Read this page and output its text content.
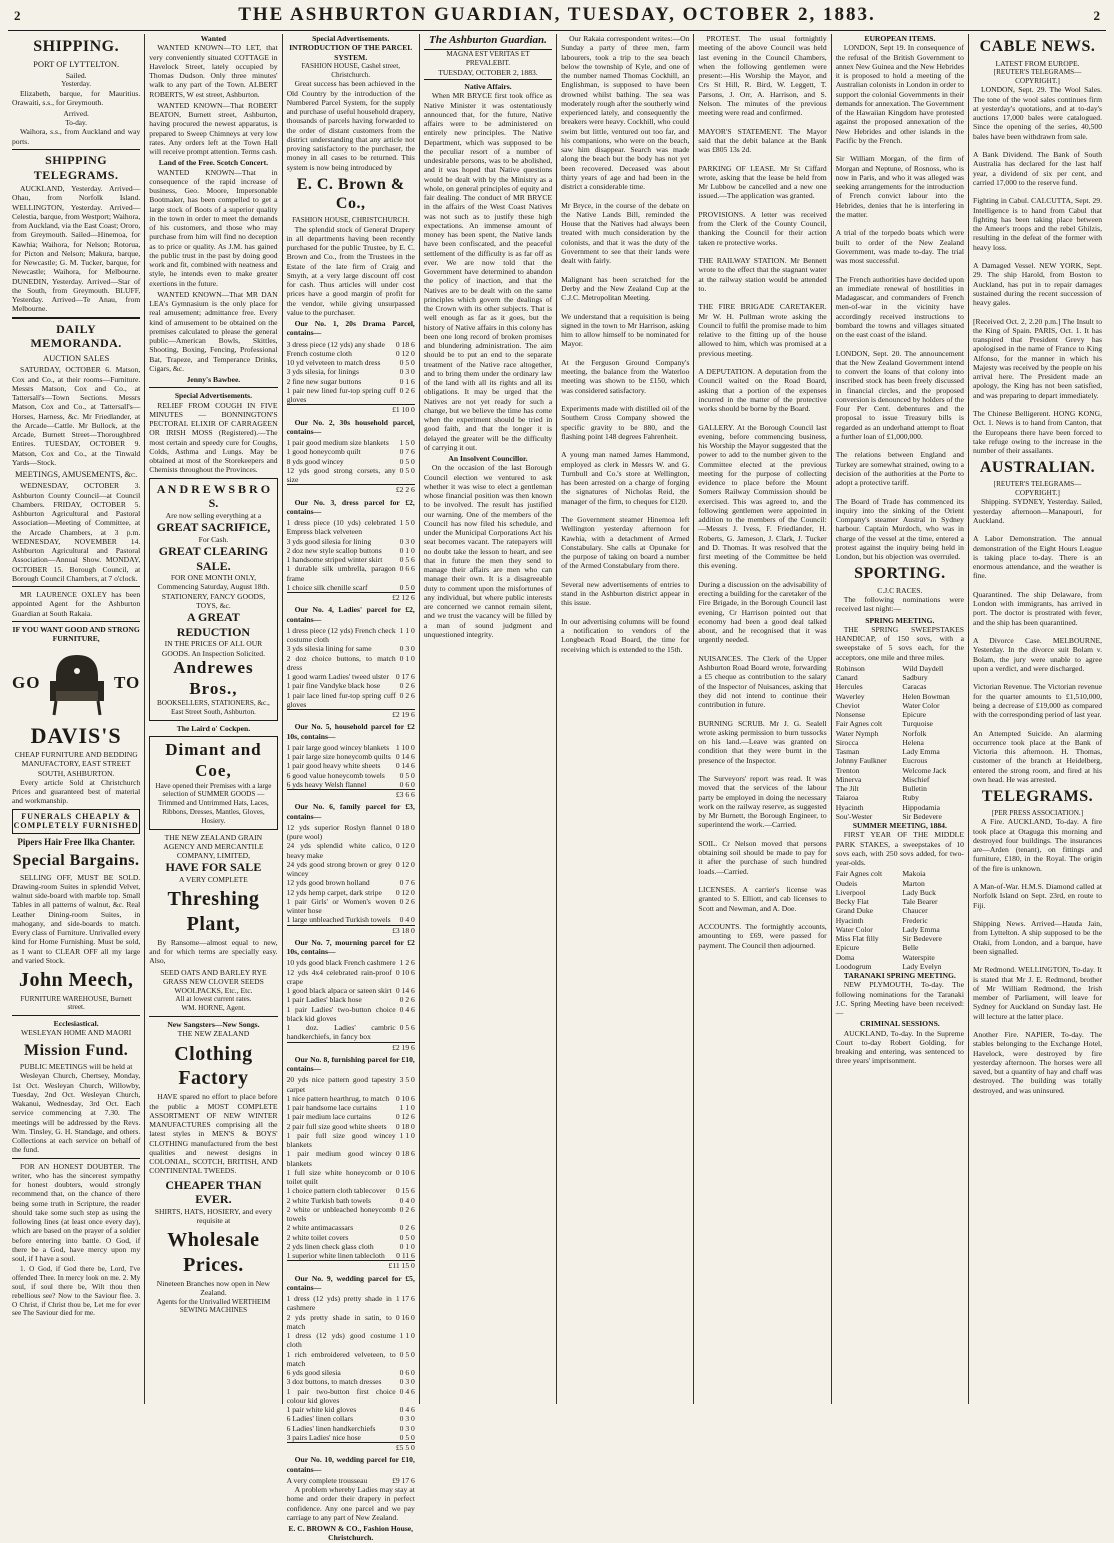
2	THE ASHBURTON GUARDIAN, TUESDAY, OCTOBER 2, 1883.	2
SHIPPING.
PORT OF LYTTELTON.
Sailed.
Yesterday.
Elizabeth, barque, for Mauritius. Orawaiti, s.s., for Greymouth.
Arrived.
To-day.
Waihora, s.s., from Auckland and way ports.
SHIPPING TELEGRAMS.
AUCKLAND, Yesterday. Arrived—Ohau, from Norfolk Island. WELLINGTON, Yesterday. Arrived—Celestia, barque, from Westport; Waihora, from Auckland, via the East Coast; Ororo, from Greymouth. Sailed—Hinemoa, for Kawhia; Waihora, for Nelson; Rotorua, for Picton and Nelson; Makura, barque, for Newcastle; G. M. Tucker, barque, for Newcastle; Waihora, for Melbourne. DUNEDIN, Yesterday. Arrived—Star of the South, from Greymouth. BLUFF, Yesterday. Arrived—Te Anau, from Melbourne.
DAILY MEMORANDA.
AUCTION SALES
SATURDAY, OCTOBER 6. Matson, Cox and Co., at their rooms—Furniture. Messrs Matson, Cox and Co., at Tattersall's—Town Sections. Messrs Matson, Cox and Co., at Tattersall's—Horses, Harness, &c. Mr Friedlander, at the Arcade—Cattle. Mr Bullock, at the Arcade, Burnett Street—Thoroughbred Entires. TUESDAY, OCTOBER 9. Matson, Cox and Co., at the Tinwald Yards—Stock.
MEETINGS, AMUSEMENTS, &c.
WEDNESDAY, OCTOBER 3. Ashburton County Council—at Council Chambers. FRIDAY, OCTOBER 5. Ashburton Agricultural and Pastoral Association—Meeting of Committee, at the Arcade Chambers, at 3 p.m. WEDNESDAY, NOVEMBER 14. Ashburton Agricultural and Pastoral Association—Annual Show. MONDAY, OCTOBER 15. Borough Council, at Borough Council Chambers, at 7 o'clock.
MR LAURENCE OXLEY has been appointed Agent for the Ashburton Guardian at South Rakaia.
IF YOU WANT GOOD AND STRONG FURNITURE,
GO	TO
DAVIS'S
CHEAP FURNITURE AND BEDDING MANUFACTORY, EAST STREET SOUTH, ASHBURTON.
Every article Sold at Christchurch Prices and guaranteed best of material and workmanship.
FUNERALS CHEAPLY & COMPLETELY FURNISHED
Pipers Hair Free Ilka Chanter.
Special Bargains.
SELLING OFF, MUST BE SOLD. Drawing-room Suites in splendid Velvet, walnut side-board with marble top. Small Tables in all patterns of walnut, &c. Real Leather Dining-room Suites, in mahogany, and side-boards to match. Every class of Furniture. Unrivalled every kind for Home Furnishing. Must be sold, as I want to CLEAR OFF all my large and varied Stock.
John Meech,
FURNITURE WAREHOUSE, Burnett street.
Ecclesiastical.
WESLEYAN HOME AND MAORI
Mission Fund.
PUBLIC MEETINGS will be held at
Wesleyan Church, Chertsey, Monday, 1st Oct. Wesleyan Church, Willowby, Tuesday, 2nd Oct. Wesleyan Church, Wakanui, Wednesday, 3rd Oct. Each service commencing at 7.30. The meetings will be addressed by the Revs. Wm. Tinsley, G. H. Standage, and others. Collections at each service on behalf of the fund.
FOR AN HONEST DOUBTER. The writer, who has the sincerest sympathy for honest doubters, would strongly recommend that, on the chance of there being some truth in Scripture, the reader should take some such step as using the following lines (at least once every day), which are based on the prayer of a soldier before entering into battle. O God, if there be a God, have mercy upon my soul, if I have a soul.
1. O God, if God there be, Lord, I've offended Thee. In mercy look on me. 2. My soul, if soul there be, Wilt thou then rebellious see? Now to the Saviour flee. 3. O Christ, if Christ thou be, Let me for ever see The Saviour died for me.
Wanted
WANTED KNOWN—TO LET, that very conveniently situated COTTAGE in Havelock Street, lately occupied by Thomas Dudson. Only three minutes' walk to any part of the Town. ALBERT ROBERTS, W est street, Ashburton.
WANTED KNOWN—That ROBERT BEATON, Burnett street, Ashburton, having procured the newest apparatus, is prepared to Sweep Chimneys at very low rates. Any orders left at the Town Hall will receive prompt attention. Terms cash.
Land of the Free. Scotch Concert.
WANTED KNOWN—That in consequence of the rapid increase of business, Geo. Moore, Impersonable Bootmaker, has been compelled to get a large stock of Boots of a superior quality in the town in order to meet the demands of his customers, and those who may purchase from him will find no deception as to price or quality. As J.M. has gained the public trust in the past by doing good work and fit, combined with neatness and style, he intends even to make greater exertions in the future.
WANTED KNOWN—That MR DAN LEA's Gymnasium is the only place for real amusement; admittance free. Every kind of amusement to be obtained on the premises calculated to please the general public—American Bowls, Skittles, Shooting, Boxing, Fencing, Professional Bat, Trapeze, and Temperance Drinks, Cigars, &c.
Jenny's Bawbee.
Special Advertisements.
RELIEF FROM COUGH IN FIVE MINUTES — BONNINGTON'S PECTORAL ELIXIR OF CARRAGEEN OR IRISH MOSS (Registered).—The most certain and speedy cure for Coughs, Colds, Asthma and Lungs. May be obtained at most of the Storekeepers and Chemists throughout the Provinces.
A N D R E W S B R O S.
Are now selling everything at a
GREAT SACRIFICE,
For Cash.
GREAT CLEARING SALE.
FOR ONE MONTH ONLY, Commencing Saturday, August 18th.
STATIONERY, FANCY GOODS, TOYS, &c.
A GREAT REDUCTION
IN THE PRICES OF ALL OUR GOODS. An Inspection Solicited.
Andrewes Bros.,
BOOKSELLERS, STATIONERS, &c., East Street South, Ashburton.
The Laird o' Cockpen.
Dimant and Coe,
Have opened their Premises with a large selection of SUMMER GOODS — Trimmed and Untrimmed Hats, Laces, Ribbons, Dresses, Mantles, Gloves, Hosiery.
THE NEW ZEALAND GRAIN AGENCY AND MERCANTILE COMPANY, LIMITED,
HAVE FOR SALE
A VERY COMPLETE
Threshing Plant,
By Ransome—almost equal to new, and for which terms are specially easy. Also,
SEED OATS AND BARLEY RYE GRASS NEW CLOVER SEEDS WOOLPACKS, Etc., Etc.
All at lowest current rates.
WM. HORNE, Agent.
New Sangsters—New Songs.
THE NEW ZEALAND
Clothing Factory
HAVE spared no effort to place before the public a MOST COMPLETE ASSORTMENT OF NEW WINTER MANUFACTURES comprising all the latest styles in MEN'S & BOYS' CLOTHING manufactured from the best qualities and newest designs in COLONIAL, SCOTCH, BRITISH, AND CONTINENTAL TWEEDS.
CHEAPER THAN EVER.
SHIRTS, HATS, HOSIERY, and every requisite at
Wholesale Prices.
Nineteen Branches now open in New Zealand.
Agents for the Unrivalled WERTHEIM SEWING MACHINES
Special Advertisements.
INTRODUCTION OF THE PARCEL SYSTEM.
FASHION HOUSE, Cashel street, Christchurch.
Great success has been achieved in the Old Country by the introduction of the Numbered Parcel System, for the supply and purchase of useful household drapery, thousands of parcels having forwarded to the order of distant customers from the district understanding that any article not proving satisfactory to the purchaser, the money in all cases to be returned. This system is now being introduced by
E. C. Brown & Co.,
FASHION HOUSE, CHRISTCHURCH.
The splendid stock of General Drapery in all departments having been recently purchased for the public Trustee, by E. C. Brown and Co., from the Trustees in the Estate of the late firm of Craig and Smyth, at a very large discount off cost for cash. Thus articles will under cost prices have a good margin of profit for the vendor, while giving unsurpassed value to the purchaser.
Our No. 1, 20s Drama Parcel, contains—
3 dress piece (12 yds) any shade 0 18 6
French costume cloth	0 12 0
10 yd velveteen to match dress	0 5 0
3 yds silesia, for linings	0 3 0
2 fine new sugar buttons	0 1 6
1 pair new lined fur-top spring cuff gloves
0 2 6
£1 10 0
Our No. 2, 30s household parcel, contains—
1 pair good medium size blankets 1 5 0
1 good honeycomb quilt	0 7 6
8 yds good wincey	0 5 0
12 yds good strong corsets, any size
0 5 0
£2 2 6
Our No. 3, dress parcel for £2, contains—
1 dress piece (10 yds) celebrated Empress black velveteen
1 5 0
3 yds good silesia for lining	0 3 0
2 doz new style scallop buttons 0 1 0
1 handsome striped winter skirt 0 5 6
1 durable silk umbrella, paragon frame
0 6 6
1 choice silk chenille scarf	0 5 0
£2 12 6
Our No. 4, Ladies' parcel for £2, contains—
1 dress piece (12 yds) French check costume cloth
1 1 0
3 yds silesia lining for same	0 3 0
2 doz choice buttons, to match dress
0 1 0
1 good warm Ladies' tweed ulster 0 17 6
1 pair fine Vandyke black hose	0 2 6
1 pair lace lined fur-top spring cuff gloves
0 2 6
£2 19 6
Our No. 5, household parcel for £2 10s, contains—
1 pair large good wincey blankets 1 10 0
1 pair large size honeycomb quilts 0 14 6
1 pair good heavy white sheets 0 14 6
6 good value honeycomb towels 0 5 0
6 yds heavy Welsh flannel	0 6 0
£3 6 6
Our No. 6, family parcel for £3, contains—
12 yds superior Roslyn flannel (pure wool)
0 18 0
24 yds splendid white calico, heavy make
0 12 0
24 yds good strong brown or grey wincey
0 12 0
12 yds good brown holland	0 7 6
12 yds hemp carpet, dark stripe 0 12 0
1 pair Girls' or Women's woven winter hose
0 2 6
1 large unbleached Turkish towels 0 4 0
£3 18 0
Our No. 7, mourning parcel for £2 10s, contains—
10 yds good black French cashmere 1 2 6
12 yds 4x4 celebrated rain-proof crape
0 10 6
1 good black alpaca or sateen skirt 0 14 6
1 pair Ladies' black hose	0 2 6
1 pair Ladies' two-button choice black kid gloves
0 4 6
1 doz. Ladies' cambric handkerchiefs, in fancy box
0 5 6
£2 19 6
Our No. 8, furnishing parcel for £10, contains—
20 yds nice pattern good tapestry carpet
3 5 0
1 nice pattern hearthrug, to match 0 10 6
1 pair handsome lace curtains	1 1 0
1 pair medium lace curtains	0 12 6
2 pair full size good white sheets 0 18 0
1 pair full size good wincey blankets
1 1 0
1 pair medium good wincey blankets
0 18 6
1 full size white honeycomb or toilet quilt
0 10 6
1 choice pattern cloth tablecover 0 15 6
2 white Turkish bath towels	0 4 0
2 white or unbleached honeycomb towels
0 2 6
2 white antimacassars	0 2 6
2 white toilet covers	0 5 0
2 yds linen check glass cloth	0 1 0
1 superior white linen tablecloth 0 11 6
£11 15 0
Our No. 9, wedding parcel for £5, contains—
1 dress (12 yds) pretty shade in cashmere
1 17 6
2 yds pretty shade in satin, to match
0 16 0
1 dress (12 yds) good costume cloth
1 1 0
1 rich embroidered velveteen, to match
0 5 0
6 yds good silesia	0 6 0
3 doz buttons, to match dresses 0 3 0
1 pair two-button first choice colour kid gloves
0 4 6
1 pair white kid gloves	0 4 6
6 Ladies' linen collars	0 3 0
6 Ladies' linen handkerchiefs	0 3 0
3 pairs Ladies' nice hose	0 5 0
£5 5 0
Our No. 10, wedding parcel for £10, contains—
A very complete trousseau	£9 17 6
A problem whereby Ladies may stay at home and order their drapery in perfect confidence. Any one parcel and we pay carriage to any part of New Zealand.
E. C. BROWN & CO., Fashion House, Christchurch.
The Ashburton Guardian.
MAGNA EST VERITAS ET PREVALEBIT.
TUESDAY, OCTOBER 2, 1883.
Native Affairs.
When MR BRYCE first took office as Native Minister it was ostentatiously announced that, for the future, Native affairs were to be administered on entirely new principles. The Native Department, which was supposed to be the peculiar resort of a number of undesirable persons, was to be abolished, and it was hoped that Native questions would be dealt with by the Ministry as a whole, on general principles of equity and fair dealing. The conduct of MR BRYCE in the affairs of the West Coast Natives was not such as to justify these high expectations. An immense amount of money has been spent, the Native lands have been confiscated, and the peaceful settlement of the difficulty is as far off as ever. We are now told that the Government have determined to abandon the policy of inaction, and that the Natives are to be dealt with on the same principles which govern the dealings of the Crown with its other subjects. That is well enough as far as it goes, but the history of Native affairs in this colony has been one long record of broken promises and blundering administration. The aim should be to put an end to the separate treatment of the Native race altogether, and to bring them under the ordinary law of the land with all its rights and all its obligations. It may be urged that the Natives are not yet ready for such a change, but we believe the time has come when the experiment should be tried in good faith, and that the longer it is delayed the greater will be the difficulty of carrying it out.
An Insolvent Councillor.
On the occasion of the last Borough Council election we ventured to ask whether it was wise to elect a gentleman whose financial position was then known to be involved. The result has justified our warning. One of the members of the Council has now filed his schedule, and under the Municipal Corporations Act his seat becomes vacant. The ratepayers will no doubt take the lesson to heart, and see that in future the men they send to manage their affairs are men who can manage their own. It is a disagreeable duty to comment upon the misfortunes of any individual, but where public interests are concerned we cannot remain silent, and we trust the vacancy will be filled by a man of sound judgment and unquestioned integrity.
Our Rakaia correspondent writes:—On Sunday a party of three men, farm labourers, took a trip to the sea beach below the township of Kyle, and one of the number named Thomas Cockhill, an Englishman, is supposed to have been drowned whilst bathing. The sea was moderately rough after the southerly wind experienced lately, and consequently the breakers were heavy. Cockhill, who could swim but little, ventured out too far, and his companions, who were on the beach, saw him disappear. Search was made along the beach but the body has not yet been recovered. Deceased was about thirty years of age and had been in the district a considerable time.

Mr Bryce, in the course of the debate on the Native Lands Bill, reminded the House that the Natives had always been treated with much consideration by the colonists, and that it was the duty of the Government to see that their lands were dealt with fairly.

Malignant has been scratched for the Derby and the New Zealand Cup at the C.J.C. Metropolitan Meeting.

We understand that a requisition is being signed in the town to Mr Harrison, asking him to allow himself to be nominated for Mayor.

At the Ferguson Ground Company's meeting, the balance from the Waterloo meeting was shown to be £150, which was considered satisfactory.

Experiments made with distilled oil of the Southern Cross Company showed the specific gravity to be 880, and the flashing point 148 degrees Fahrenheit.

A young man named James Hammond, employed as clerk in Messrs W. and G. Turnbull and Co.'s store at Wellington, has been arrested on a charge of forging the signatures of Nicholas Reid, the manager of the firm, to cheques for £120.

The Government steamer Hinemoa left Wellington yesterday afternoon for Kawhia, with a detachment of Armed Constabulary. She calls at Opunake for the purpose of taking on board a number of the Armed Constabulary from there.

Several new advertisements of entries to stand in the Ashburton district appear in this issue.

In our advertising columns will be found a notification to vendors of the Longbeach Road Board, the time for receiving which is extended to the 15th.
PROTEST. The usual fortnightly meeting of the above Council was held last evening in the Council Chambers, when the following gentlemen were present:—His Worship the Mayor, and Crs St Hill, R. Bird, W. Leggett, T. Parsons, J. Orr, A. Harrison, and S. Nelson. The minutes of the previous meeting were read and confirmed.

MAYOR'S STATEMENT. The Mayor said that the debit balance at the Bank was £805 13s 2d.

PARKING OF LEASE. Mr St Ciffard wrote, asking that the lease be held from Mr Lubbow be cancelled and a new one issued.—The application was granted.

PROVISIONS. A letter was received from the Clerk of the County Council, thanking the Council for their action taken re protective works.

THE RAILWAY STATION. Mr Bennett wrote to the effect that the stagnant water at the railway station would be attended to.

THE FIRE BRIGADE CARETAKER. Mr W. H. Pullman wrote asking the Council to fulfil the promise made to him relative to the fitting up of the house allowed to him, which was promised at a previous meeting.

A DEPUTATION. A deputation from the Council waited on the Road Board, asking that a portion of the expenses incurred in the matter of the protective works should be borne by the Board.

GALLERY. At the Borough Council last evening, before commencing business, his Worship the Mayor suggested that the power to add to the number given to the Committee elected at the previous meeting for the purpose of collecting evidence to place before the Mount Somers Railway Commission should be exercised. This was agreed to, and the following gentlemen were appointed in addition to the members of the Council:—Messrs J. Ivess, F. Friedlander, H. Roberts, G. Jameson, J. Clark, J. Tucker and D. Thomas. It was resolved that the first meeting of the Committee be held this evening.

During a discussion on the advisability of erecting a building for the caretaker of the Fire Brigade, in the Borough Council last evening, Cr Harrison pointed out that economy had been a good deal talked about, and he recognised that it was urgently needed.

NUISANCES. The Clerk of the Upper Ashburton Road Board wrote, forwarding a £5 cheque as contribution to the salary of the Inspector of Nuisances, asking that they did not intend to continue their contribution in future.

BURNING SCRUB. Mr J. G. Sealell wrote asking permission to burn tussocks on his land.—Leave was granted on condition that they were burnt in the presence of the Inspector.

The Surveyors' report was read. It was moved that the services of the labour party be employed in doing the necessary work on the railway reserve, as suggested by Mr Burnett, the Borough Engineer, to superintend the work.—Carried.

SOIL. Cr Nelson moved that persons obtaining soil should be made to pay for it after the purchase of such hundred loads.—Carried.

LICENSES. A carrier's license was granted to S. Elliott, and cab licenses to Scott and Newman, and A. Doe.

ACCOUNTS. The fortnightly accounts, amounting to £69, were passed for payment. The Council then adjourned.
EUROPEAN ITEMS.
LONDON, Sept 19. In consequence of the refusal of the British Government to annex New Guinea and the New Hebrides it is proposed to hold a meeting of the Australian colonists in London in order to support the colonial Governments in their demands for annexation. The Government of the Hawaiian Kingdom have protested against the proposed annexation of the New Hebrides and other islands in the Pacific by the French.

Sir William Morgan, of the firm of Morgan and Neptune, of Rosnoss, who is now in Paris, and who it was alleged was seeking arrangements for the introduction of French convict labour into the Hebrides, denies that he is interfering in the matter.

A trial of the torpedo boats which were built to order of the New Zealand Government, was made to-day. The trial was most successful.

The French authorities have decided upon an immediate renewal of hostilities in Madagascar, and commanders of French men-of-war in the vicinity have accordingly received instructions to bombard the towns and villages situated on the east coast of the island.

LONDON, Sept. 20. The announcement that the New Zealand Government intend to convert the loans of that colony into inscribed stock has been freely discussed in financial circles, and the proposed conversion is denounced by holders of the Four Per Cent. debentures and the proposal to issue Treasury bills is regarded as an underhand attempt to float a further loan of £1,000,000.

The relations between England and Turkey are somewhat strained, owing to a decision of the authorities at the Porte to adopt a protective tariff.

The Board of Trade has commenced its inquiry into the sinking of the Orient Company's steamer Austral in Sydney harbour. Captain Murdoch, who was in charge of the vessel at the time, entered a protest against the inquiry being held in London, but his objection was overruled.
SPORTING.
C.J.C RACES.
The following nominations were received last night:—
SPRING MEETING.
THE SPRING SWEEPSTAKES HANDICAP, of 150 sovs, with a sweepstake of 5 sovs each, for the acceptors, one mile and three miles.
Robinson	Wild Daydell
Canard	Sadbury
Hercules	Caracas
Waverley	Helen Bowman
Cheviot	Water Color
Nonsense	Epicure
Fair Agnes colt	Turquoise
Water Nymph	Norfolk
Sirocca	Helena
Tasman	Lady Emma
Johnny Faulkner	Eucrous
Trenton	Welcome Jack
Minerva	Mischief
The Jilt	Bulletin
Taiaroa	Ruby
Hyacinth	Hippodamia
Sou'-Wester	Sir Bedevere
SUMMER MEETING, 1884.
FIRST YEAR OF THE MIDDLE PARK STAKES, a sweepstakes of 10 sovs each, with 250 sovs added, for two-year-olds.
Fair Agnes colt	Makoia
Oudeis	Marton
Liverpool	Lady Buck
Becky Flat	Tale Bearer
Grand Duke	Chaucer
Hyacinth	Frederic
Water Color	Lady Emma
Miss Flat filly	Sir Bedevere
Epicure	Belle
Doma	Waterspite
Loodogrum	Lady Evelyn
TARANAKI SPRING MEETING.
NEW PLYMOUTH, To-day. The following nominations for the Taranaki J.C. Spring Meeting have been received:—
CRIMINAL SESSIONS.
AUCKLAND, To-day. In the Supreme Court to-day Robert Golding, for breaking and entering, was sentenced to three years' imprisonment.
CABLE NEWS.
LATEST FROM EUROPE.
[REUTER'S TELEGRAMS—COPYRIGHT.]
LONDON, Sept. 29. The Wool Sales. The tone of the wool sales continues firm at yesterday's quotations, and at to-day's auctions 17,000 bales were catalogued. Since the opening of the series, 40,500 bales have been withdrawn from sale.

A Bank Dividend. The Bank of South Australia has declared for the last half year, a dividend of six per cent, and carried 17,000 to the reserve fund.

Fighting in Cabul. CALCUTTA, Sept. 29. Intelligence is to hand from Cabul that fighting has been taking place between the Ameer's troops and the rebel Ghilzis, resulting in the defeat of the former with heavy loss.

A Damaged Vessel. NEW YORK, Sept. 29. The ship Harold, from Boston to Auckland, has put in to repair damages sustained during the recent succession of heavy gales.

[Received Oct. 2, 2.20 p.m.] The Insult to the King of Spain. PARIS, Oct. 1. It has transpired that President Grevy has apologised in the name of France to King Alfonso, for the manner in which his Majesty was received by the people on his arrival here. The President made an apology, the King has not been satisfied, and was preparing to depart immediately.

The Chinese Belligerent. HONG KONG, Oct. 1. News is to hand from Canton, that the Europeans there have been forced to take refuge owing to the increase in the number of their assailants.
AUSTRALIAN.
[REUTER'S TELEGRAMS—COPYRIGHT.]
Shipping. SYDNEY, Yesterday. Sailed, yesterday afternoon—Manapouri, for Auckland.

A Labor Demonstration. The annual demonstration of the Eight Hours League is taking place to-day. There is an enormous attendance, and the weather is fine.

Quarantined. The ship Delaware, from London with immigrants, has arrived in port. The doctor is prostrated with fever, and the ship has been quarantined.

A Divorce Case. MELBOURNE, Yesterday. In the divorce suit Bolam v. Bolam, the jury were unable to agree upon a verdict, and were discharged.

Victorian Revenue. The Victorian revenue for the quarter amounts to £1,510,000, being a decrease of £19,000 as compared with the corresponding period of last year.

An Attempted Suicide. An alarming occurrence took place at the Bank of Victoria this afternoon. H. Thomas, customer of the branch at Heidelberg, entered the strong room, and fired at his own head. He was arrested.
TELEGRAMS.
[PER PRESS ASSOCIATION.]
A Fire. AUCKLAND, To-day. A fire took place at Otaguga this morning and destroyed four buildings. The insurances are—Arden (tenant), on fittings and furniture, £180, in the Royal. The origin of the fire is unknown.

A Man-of-War. H.M.S. Diamond called at Norfolk Island on Sept. 23rd, en route to Fiji.

Shipping News. Arrived—Hauda Jain, from Lyttelton. A ship supposed to be the Otaki, from London, and a barque, have been signalled.

Mr Redmond. WELLINGTON, To-day. It is stated that Mr J. E. Redmond, brother of Mr William Redmond, the Irish member of Parliament, will leave for Sydney for Auckland on Sunday last. He will lecture at the latter place.

Another Fire. NAPIER, To-day. The stables belonging to the Exchange Hotel, Havelock, were destroyed by fire yesterday afternoon. The horses were all saved, but a quantity of hay and chaff was destroyed. The building was totally destroyed, and was uninsured.
